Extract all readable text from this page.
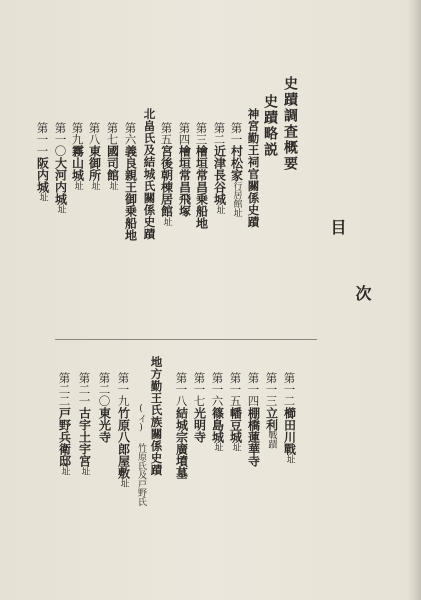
目
次
史蹟調査概要
史蹟略説
神宮勤王祠官關係史蹟
第一村松家行居館址
第二近津長谷城址
第三檜垣常昌乗船地
第四檜垣常昌飛塚
第五宮後朝棟居館址
北畠氏及結城氏關係史蹟
第六義良親王御乗船地
第七國司館址
第八東御所址
第九霧山城址
第一〇大河内城址
第一一阪内城址
第一二櫛田川戰址
第一三立利戰蹟
第一四棚橋蓮華寺
第一五幡豆城址
第一六篠島城址
第一七光明寺
第一八結城宗廣墳墓
地方勤王氏族關係史蹟
(イ) 竹原氏及戸野氏
第一九竹原八郎屋敷址
第二〇東光寺
第二一古宇土宇宮址
第二二戸野兵衛邸址
